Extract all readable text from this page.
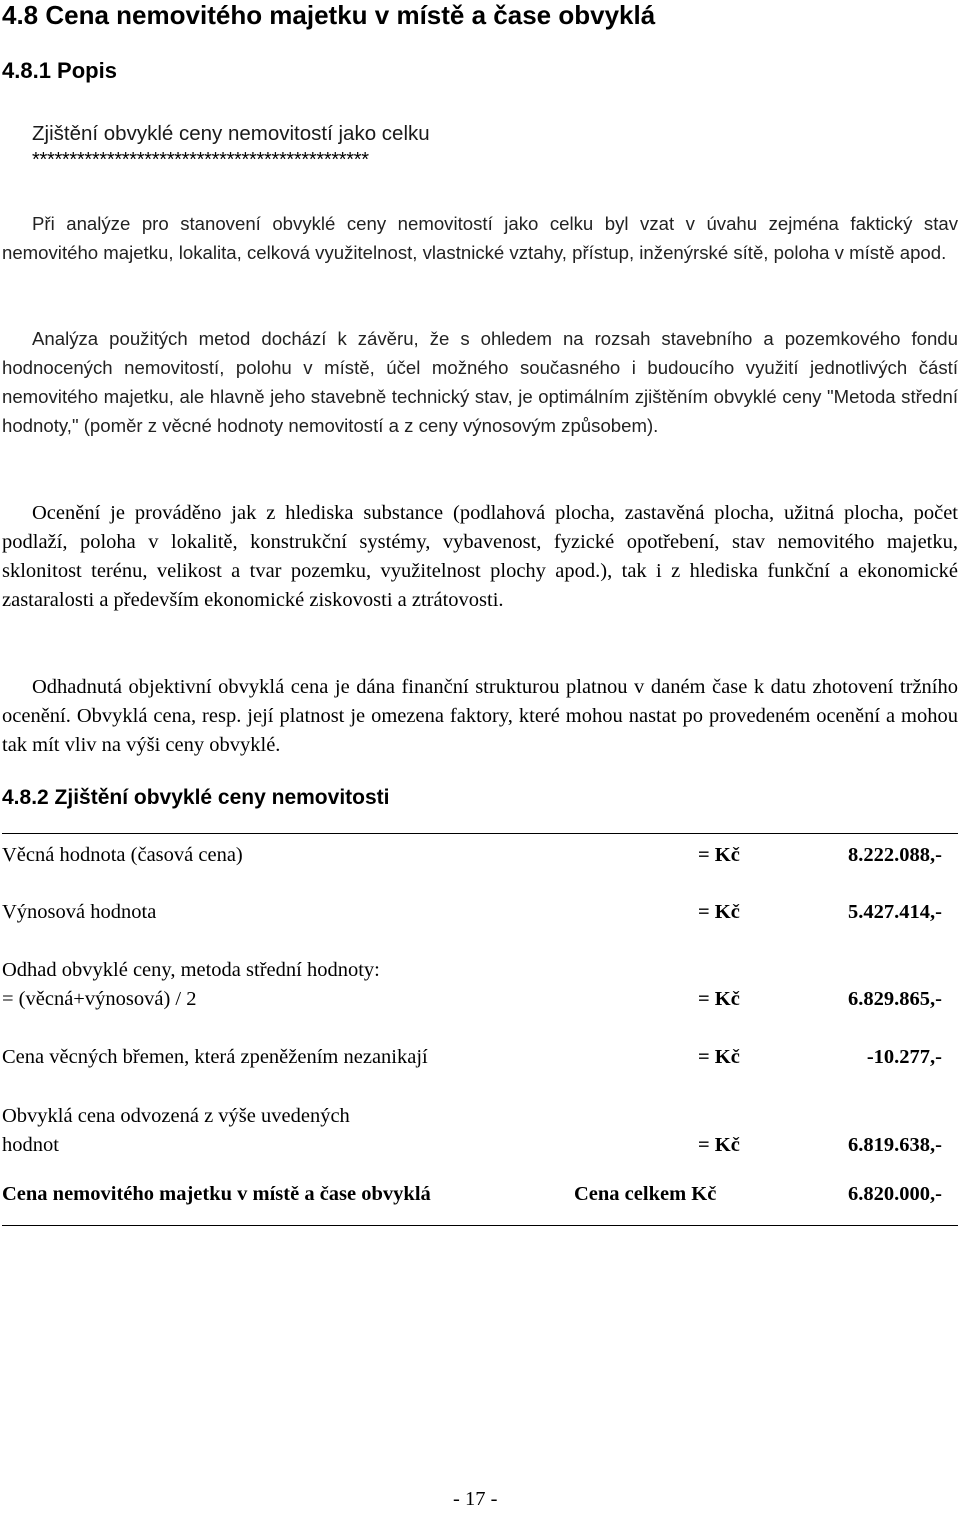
4.8 Cena nemovitého majetku v místě a čase obvyklá
4.8.1 Popis
Zjištění obvyklé ceny nemovitostí jako celku
*********************************************
Při analýze pro stanovení obvyklé ceny nemovitostí jako celku byl vzat v úvahu zejména faktický stav nemovitého majetku, lokalita, celková využitelnost, vlastnické vztahy, přístup, inženýrské sítě, poloha v místě apod.
Analýza použitých metod dochází k závěru, že s ohledem na rozsah stavebního a pozemkového fondu hodnocených nemovitostí, polohu v místě, účel možného současného i budoucího využití jednotlivých částí nemovitého majetku, ale hlavně jeho stavebně technický stav, je optimálním zjištěním obvyklé ceny "Metoda střední hodnoty," (poměr z věcné hodnoty nemovitostí a z ceny výnosovým způsobem).
Ocenění je prováděno jak z hlediska substance (podlahová plocha, zastavěná plocha, užitná plocha, počet podlaží, poloha v lokalitě, konstrukční systémy, vybavenost, fyzické opotřebení, stav nemovitého majetku, sklonitost terénu, velikost a tvar pozemku, využitelnost plochy apod.), tak i z hlediska funkční a ekonomické zastaralosti a především ekonomické ziskovosti a ztrátovosti.
Odhadnutá objektivní obvyklá cena je dána finanční strukturou platnou v daném čase k datu zhotovení tržního ocenění. Obvyklá cena, resp. její platnost je omezena faktory, které mohou nastat po provedeném ocenění a mohou tak mít vliv na výši ceny obvyklé.
4.8.2 Zjištění obvyklé ceny nemovitosti
Věcná hodnota (časová cena)	= Kč	8.222.088,-
Výnosová hodnota	= Kč	5.427.414,-
Odhad obvyklé ceny, metoda střední hodnoty:
= (věcná+výnosová) / 2	= Kč	6.829.865,-
Cena věcných břemen, která zpeněžením nezanikají	= Kč	-10.277,-
Obvyklá cena odvozená z výše uvedených
hodnot	= Kč	6.819.638,-
Cena nemovitého majetku v místě a čase obvyklá	Cena celkem Kč	6.820.000,-
- 17 -
